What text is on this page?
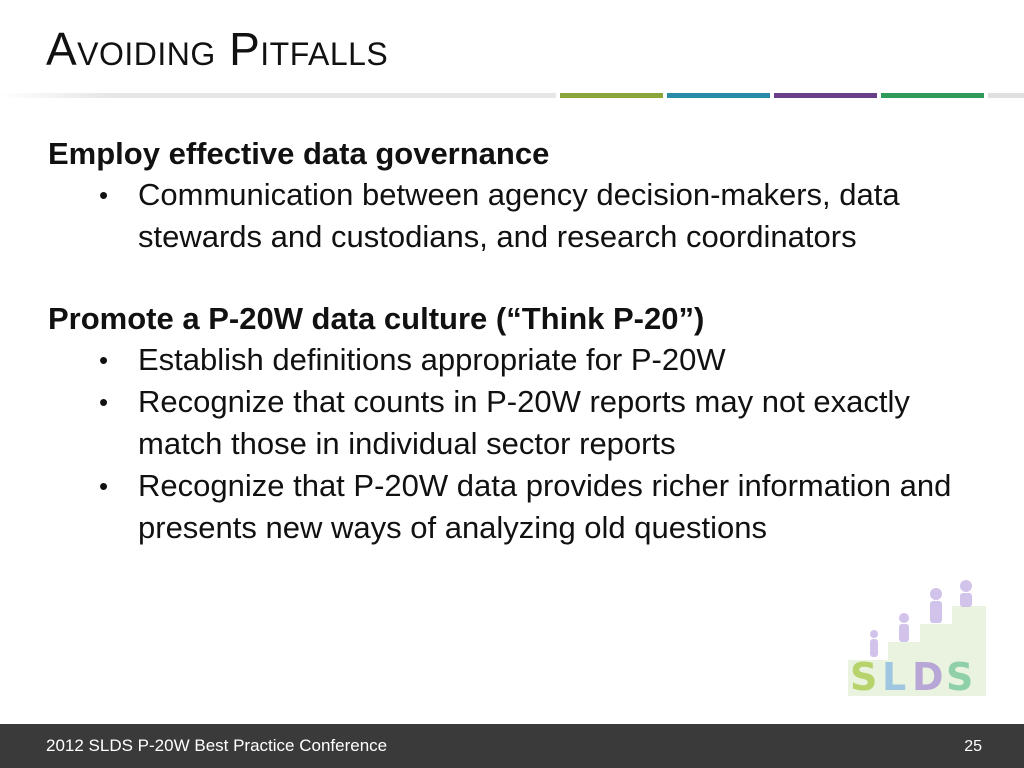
Avoiding Pitfalls

Employ effective data governance

• Communication between agency decision-makers, data stewards and custodians, and research coordinators

Promote a P-20W data culture (“Think P-20”)

• Establish definitions appropriate for P-20W
• Recognize that counts in P-20W reports may not exactly match those in individual sector reports
• Recognize that P-20W data provides richer information and presents new ways of analyzing old questions
S L D S
2012 SLDS P-20W Best Practice Conference	25
